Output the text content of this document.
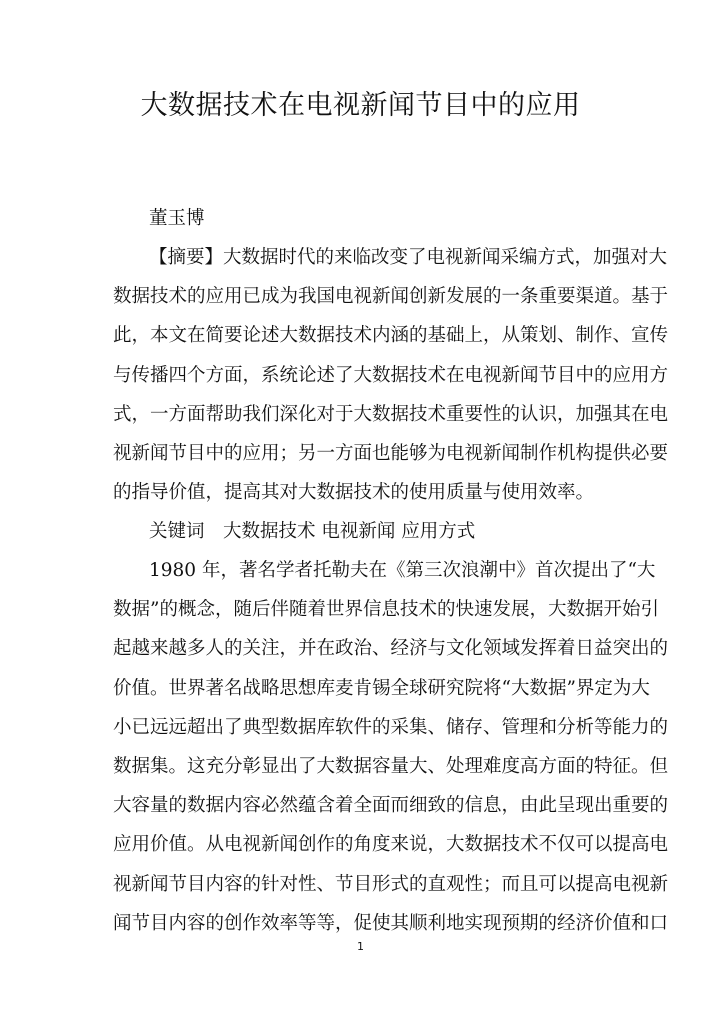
大数据技术在电视新闻节目中的应用
董玉博
【摘要】大数据时代的来临改变了电视新闻采编方式，加强对大
数据技术的应用已成为我国电视新闻创新发展的一条重要渠道。基于
此，本文在简要论述大数据技术内涵的基础上，从策划、制作、宣传
与传播四个方面，系统论述了大数据技术在电视新闻节目中的应用方
式，一方面帮助我们深化对于大数据技术重要性的认识，加强其在电
视新闻节目中的应用；另一方面也能够为电视新闻制作机构提供必要
的指导价值，提高其对大数据技术的使用质量与使用效率。
关键词　大数据技术 电视新闻 应用方式
1980 年，著名学者托勒夫在《第三次浪潮中》首次提出了“大
数据”的概念，随后伴随着世界信息技术的快速发展，大数据开始引
起越来越多人的关注，并在政治、经济与文化领域发挥着日益突出的
价值。世界著名战略思想库麦肯锡全球研究院将“大数据”界定为大
小已远远超出了典型数据库软件的采集、储存、管理和分析等能力的
数据集。这充分彰显出了大数据容量大、处理难度高方面的特征。但
大容量的数据内容必然蕴含着全面而细致的信息，由此呈现出重要的
应用价值。从电视新闻创作的角度来说，大数据技术不仅可以提高电
视新闻节目内容的针对性、节目形式的直观性；而且可以提高电视新
闻节目内容的创作效率等等，促使其顺利地实现预期的经济价值和口
1
